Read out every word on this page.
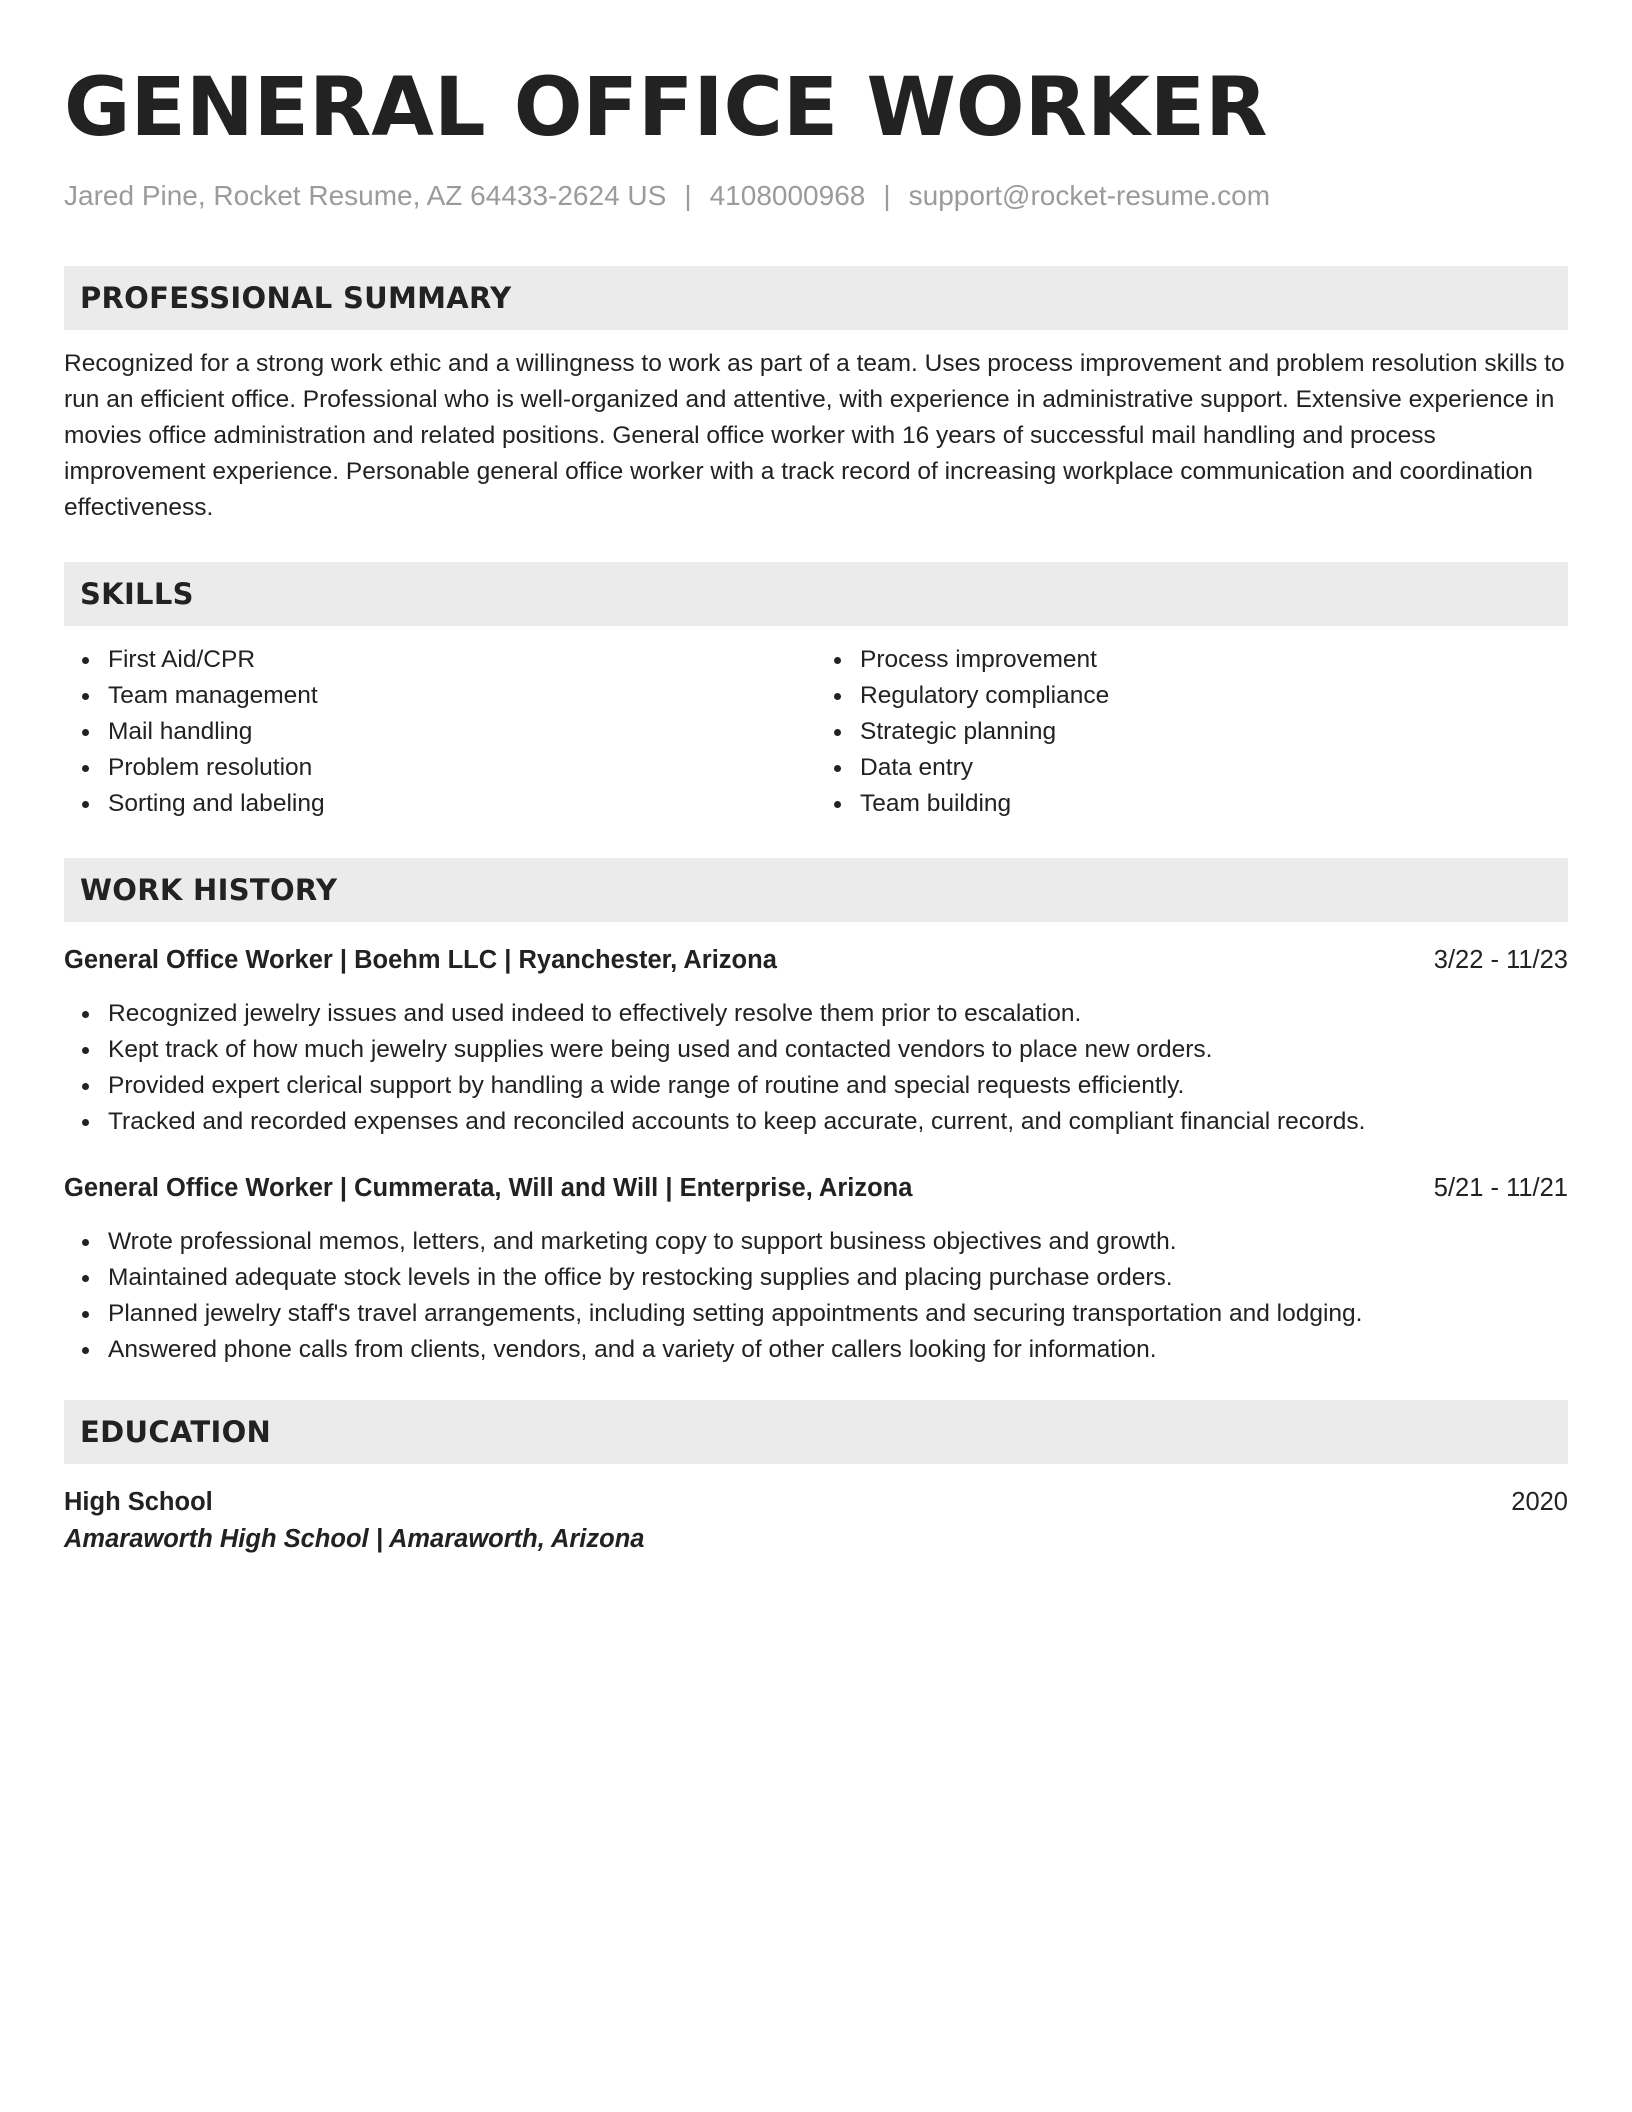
GENERAL OFFICE WORKER
Jared Pine, Rocket Resume, AZ 64433-2624 US | 4108000968 | support@rocket-resume.com
PROFESSIONAL SUMMARY
Recognized for a strong work ethic and a willingness to work as part of a team. Uses process improvement and problem resolution skills to run an efficient office. Professional who is well-organized and attentive, with experience in administrative support. Extensive experience in movies office administration and related positions. General office worker with 16 years of successful mail handling and process improvement experience. Personable general office worker with a track record of increasing workplace communication and coordination effectiveness.
SKILLS
First Aid/CPR
Team management
Mail handling
Problem resolution
Sorting and labeling
Process improvement
Regulatory compliance
Strategic planning
Data entry
Team building
WORK HISTORY
General Office Worker | Boehm LLC | Ryanchester, Arizona	3/22 - 11/23
Recognized jewelry issues and used indeed to effectively resolve them prior to escalation.
Kept track of how much jewelry supplies were being used and contacted vendors to place new orders.
Provided expert clerical support by handling a wide range of routine and special requests efficiently.
Tracked and recorded expenses and reconciled accounts to keep accurate, current, and compliant financial records.
General Office Worker | Cummerata, Will and Will | Enterprise, Arizona	5/21 - 11/21
Wrote professional memos, letters, and marketing copy to support business objectives and growth.
Maintained adequate stock levels in the office by restocking supplies and placing purchase orders.
Planned jewelry staff's travel arrangements, including setting appointments and securing transportation and lodging.
Answered phone calls from clients, vendors, and a variety of other callers looking for information.
EDUCATION
High School	2020
Amaraworth High School | Amaraworth, Arizona
